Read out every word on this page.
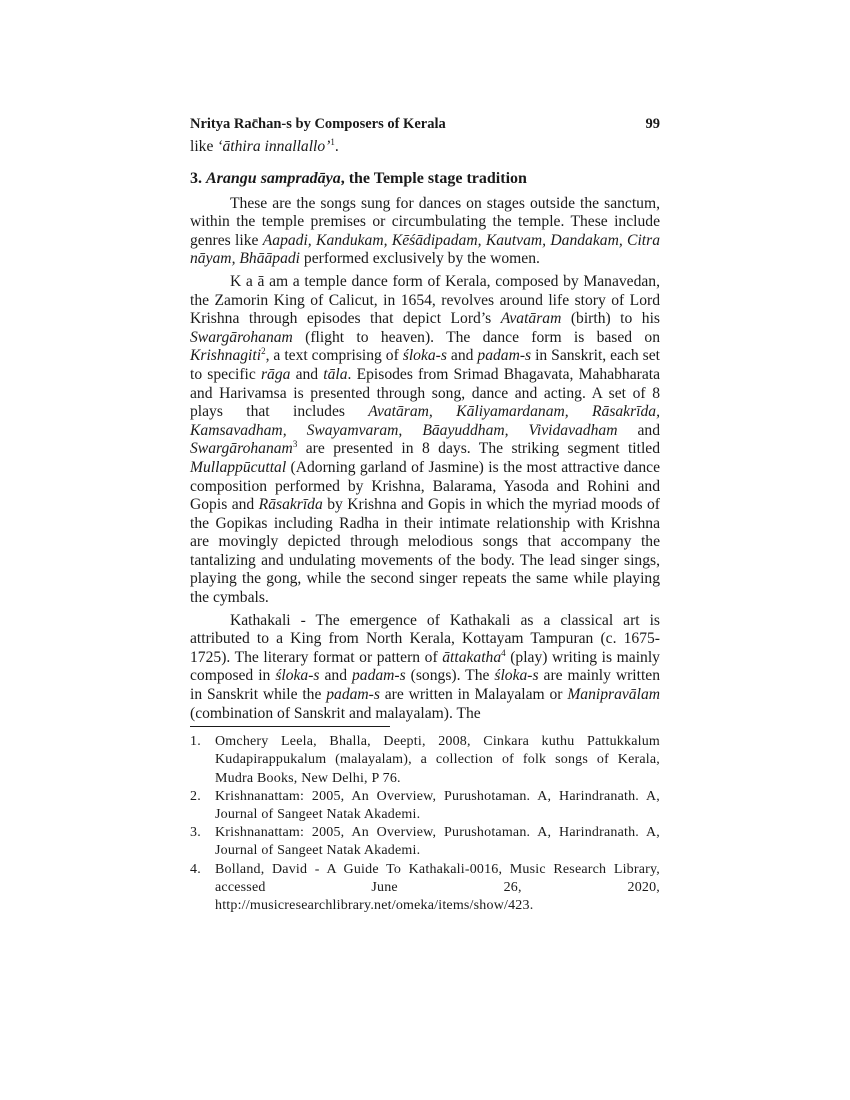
Nritya Rac̄han-s by Composers of Kerala	99

like ‘āthira innallallo’$^1$.

3. Arangu sampradāya, the Temple stage tradition

These are the songs sung for dances on stages outside the sanctum, within the temple premises or circumbulating the temple. These include genres like Aapadi, Kandukam, Kēśādipadam, Kautvam, Dandakam, Citra nāyam, Bhāāpadi performed exclusively by the women.

K a ā am a temple dance form of Kerala, composed by Manavedan, the Zamorin King of Calicut, in 1654, revolves around life story of Lord Krishna through episodes that depict Lord’s Avatāram (birth) to his Swargārohanam (flight to heaven). The dance form is based on Krishnagiti$^2$, a text comprising of śloka-s and padam-s in Sanskrit, each set to specific rāga and tāla. Episodes from Srimad Bhagavata, Mahabharata and Harivamsa is presented through song, dance and acting. A set of 8 plays that includes Avatāram, Kāliyamardanam, Rāsakrīda, Kamsavadham, Swayamvaram, Bāayuddham, Vividavadham and Swargārohanam$^3$ are presented in 8 days. The striking segment titled Mullappūcuttal (Adorning garland of Jasmine) is the most attractive dance composition performed by Krishna, Balarama, Yasoda and Rohini and Gopis and Rāsakrīda by Krishna and Gopis in which the myriad moods of the Gopikas including Radha in their intimate relationship with Krishna are movingly depicted through melodious songs that accompany the tantalizing and undulating movements of the body. The lead singer sings, playing the gong, while the second singer repeats the same while playing the cymbals.

Kathakali - The emergence of Kathakali as a classical art is attributed to a King from North Kerala, Kottayam Tampuran (c. 1675-1725). The literary format or pattern of āttakatha$^4$ (play) writing is mainly composed in śloka-s and padam-s (songs). The śloka-s are mainly written in Sanskrit while the padam-s are written in Malayalam or Manipravālam (combination of Sanskrit and malayalam). The

1.	Omchery Leela, Bhalla, Deepti, 2008, Cinkara kuthu Pattukkalum Kudapirappukalum (malayalam), a collection of folk songs of Kerala, Mudra Books, New Delhi, P 76.
2.	Krishnanattam: 2005, An Overview, Purushotaman. A, Harindranath. A, Journal of Sangeet Natak Akademi.
3.	Krishnanattam: 2005, An Overview, Purushotaman. A, Harindranath. A, Journal of Sangeet Natak Akademi.
4.	Bolland, David - A Guide To Kathakali-0016, Music Research Library, accessed June 26, 2020, http://musicresearchlibrary.net/omeka/items/show/423.
